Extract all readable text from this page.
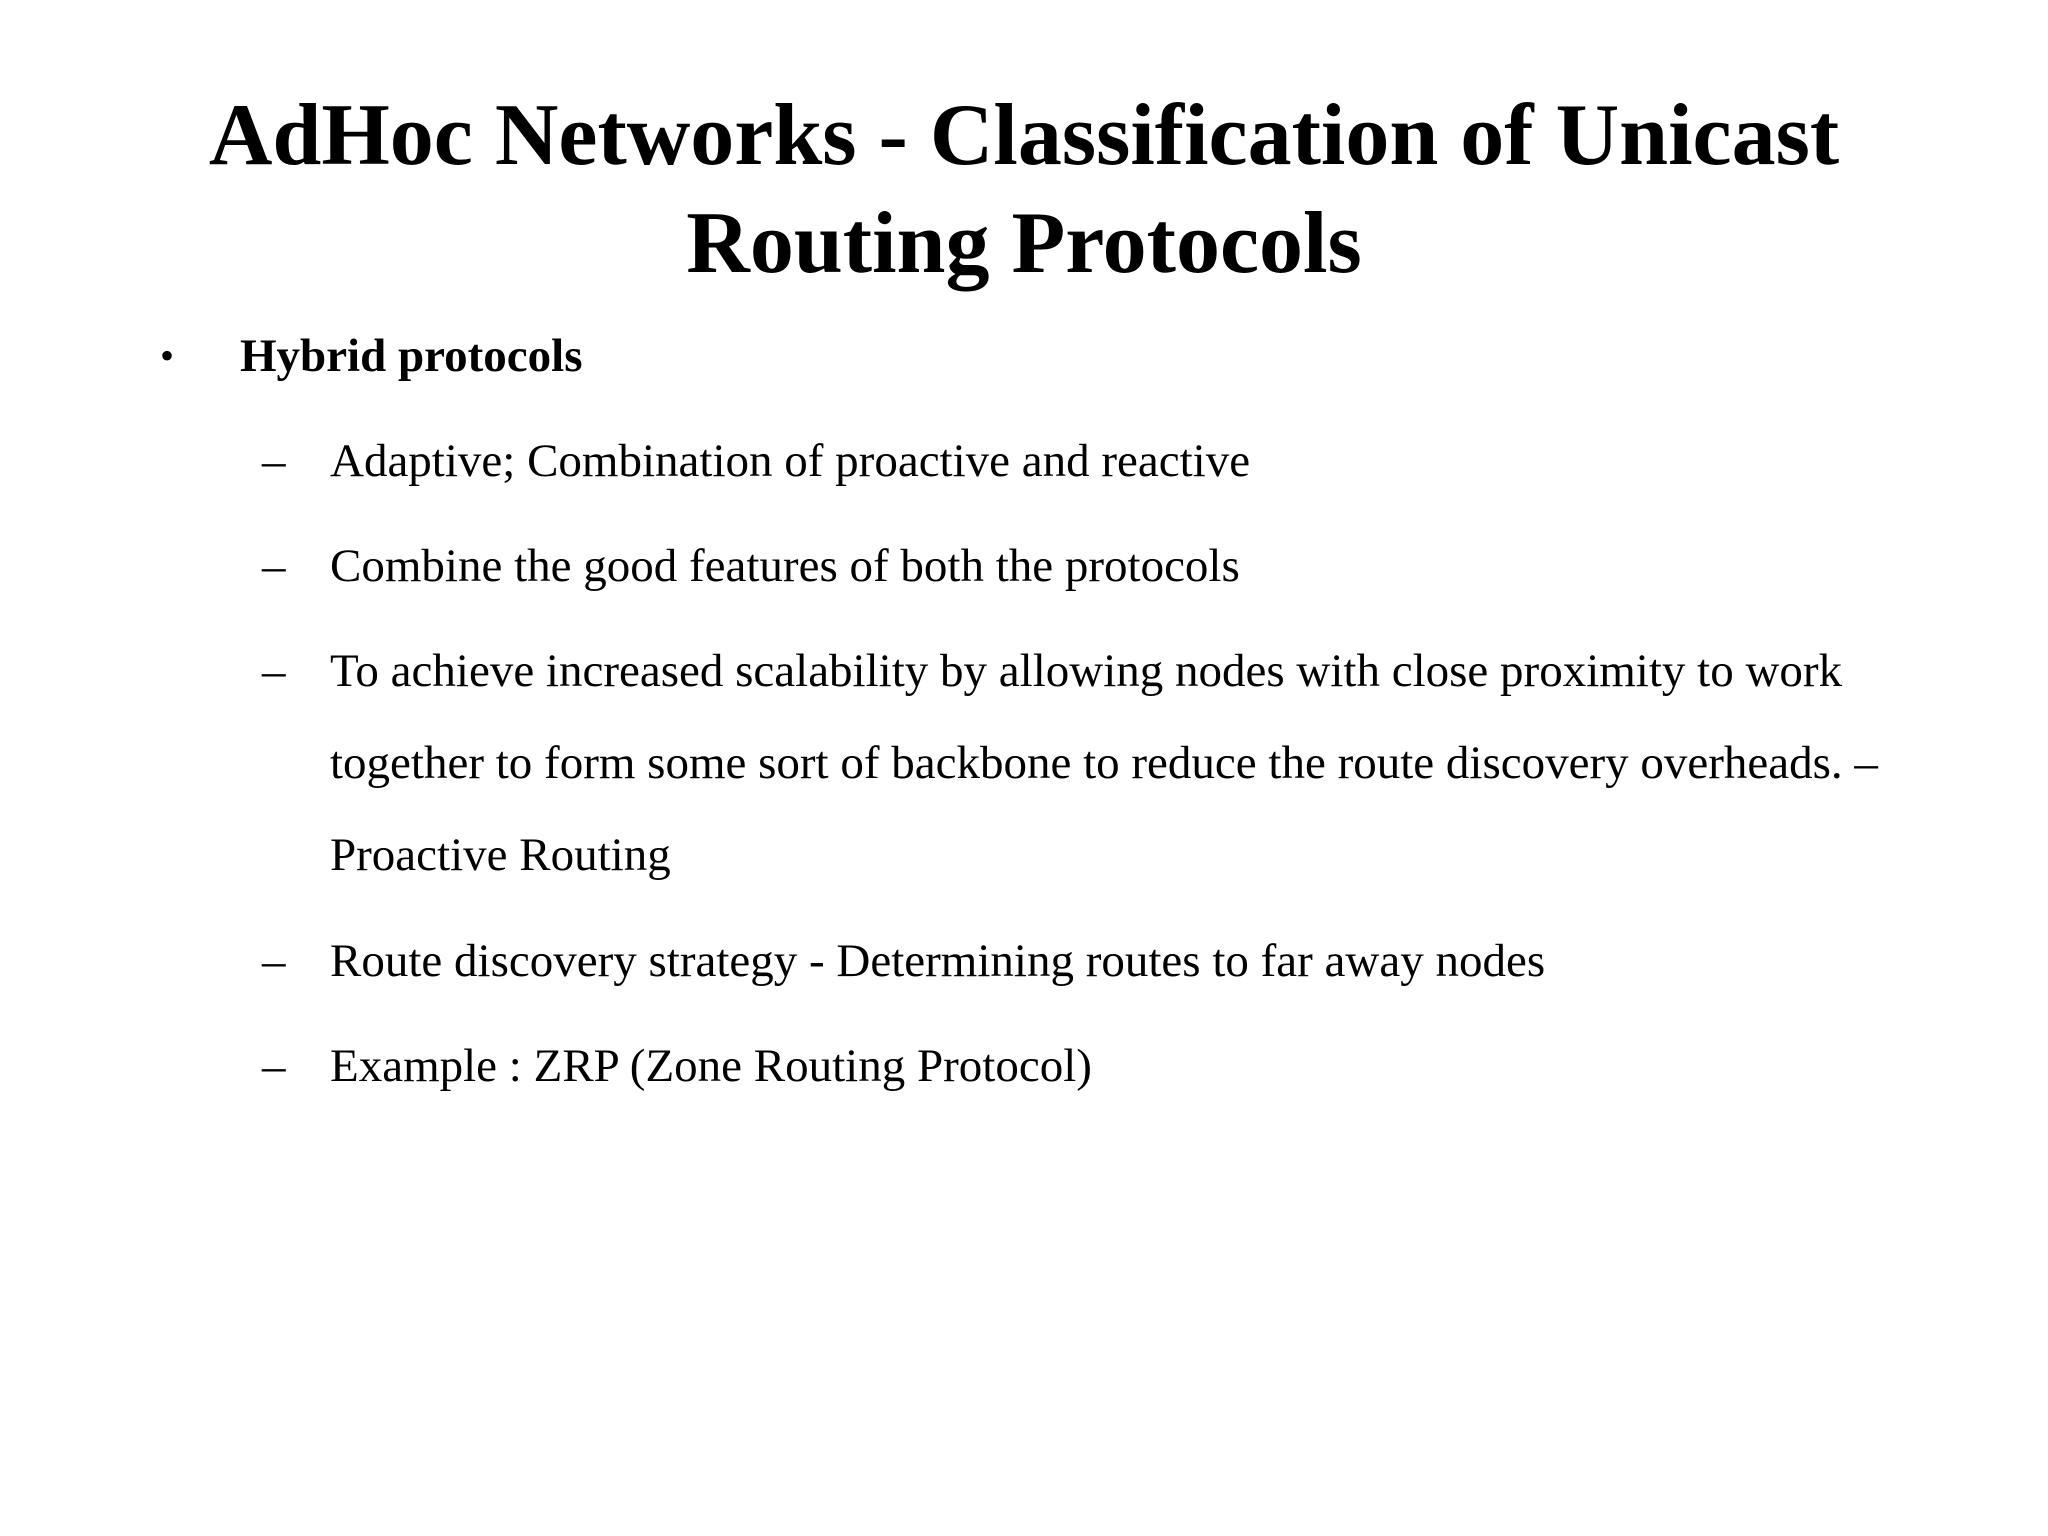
AdHoc Networks - Classification of Unicast Routing Protocols
• Hybrid protocols
– Adaptive; Combination of proactive and reactive
– Combine the good features of both the protocols
– To achieve increased scalability by allowing nodes with close proximity to work together to form some sort of backbone to reduce the route discovery overheads. – Proactive Routing
– Route discovery strategy - Determining routes to far away nodes
– Example : ZRP (Zone Routing Protocol)
